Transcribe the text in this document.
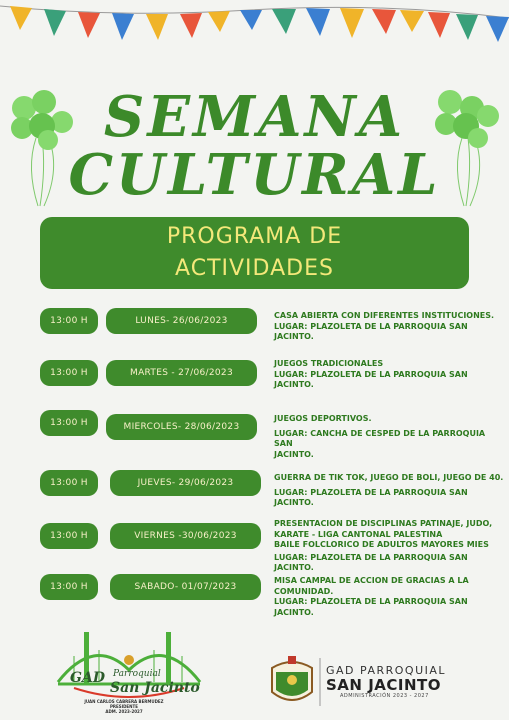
SEMANA
CULTURAL
PROGRAMA DE
ACTIVIDADES
13:00 H	LUNES- 26/06/2023
CASA ABIERTA CON DIFERENTES INSTITUCIONES.
LUGAR: PLAZOLETA DE LA PARROQUIA SAN JACINTO.
13:00 H	MARTES - 27/06/2023
JUEGOS TRADICIONALES
LUGAR: PLAZOLETA DE LA PARROQUIA SAN JACINTO.
13:00 H	MIERCOLES- 28/06/2023
JUEGOS DEPORTIVOS.
LUGAR: CANCHA DE CESPED DE LA PARROQUIA SAN
JACINTO.
13:00 H	JUEVES- 29/06/2023
GUERRA DE TIK TOK, JUEGO DE BOLI, JUEGO DE 40.
LUGAR: PLAZOLETA DE LA PARROQUIA SAN JACINTO.
13:00 H	VIERNES -30/06/2023
PRESENTACION DE DISCIPLINAS PATINAJE, JUDO,
KARATE - LIGA CANTONAL PALESTINA
BAILE FOLCLORICO DE ADULTOS MAYORES MIES
LUGAR: PLAZOLETA DE LA PARROQUIA SAN JACINTO.
13:00 H	SABADO- 01/07/2023
MISA CAMPAL DE ACCION DE GRACIAS A LA
COMUNIDAD.
LUGAR: PLAZOLETA DE LA PARROQUIA SAN JACINTO.
GAD Parroquial
San Jacinto
JUAN CARLOS CABRERA BERMUDEZ
PRESIDENTE
ADM. 2023-2027
GAD PARROQUIAL
SAN JACINTO
ADMINISTRACIÓN 2023 - 2027
